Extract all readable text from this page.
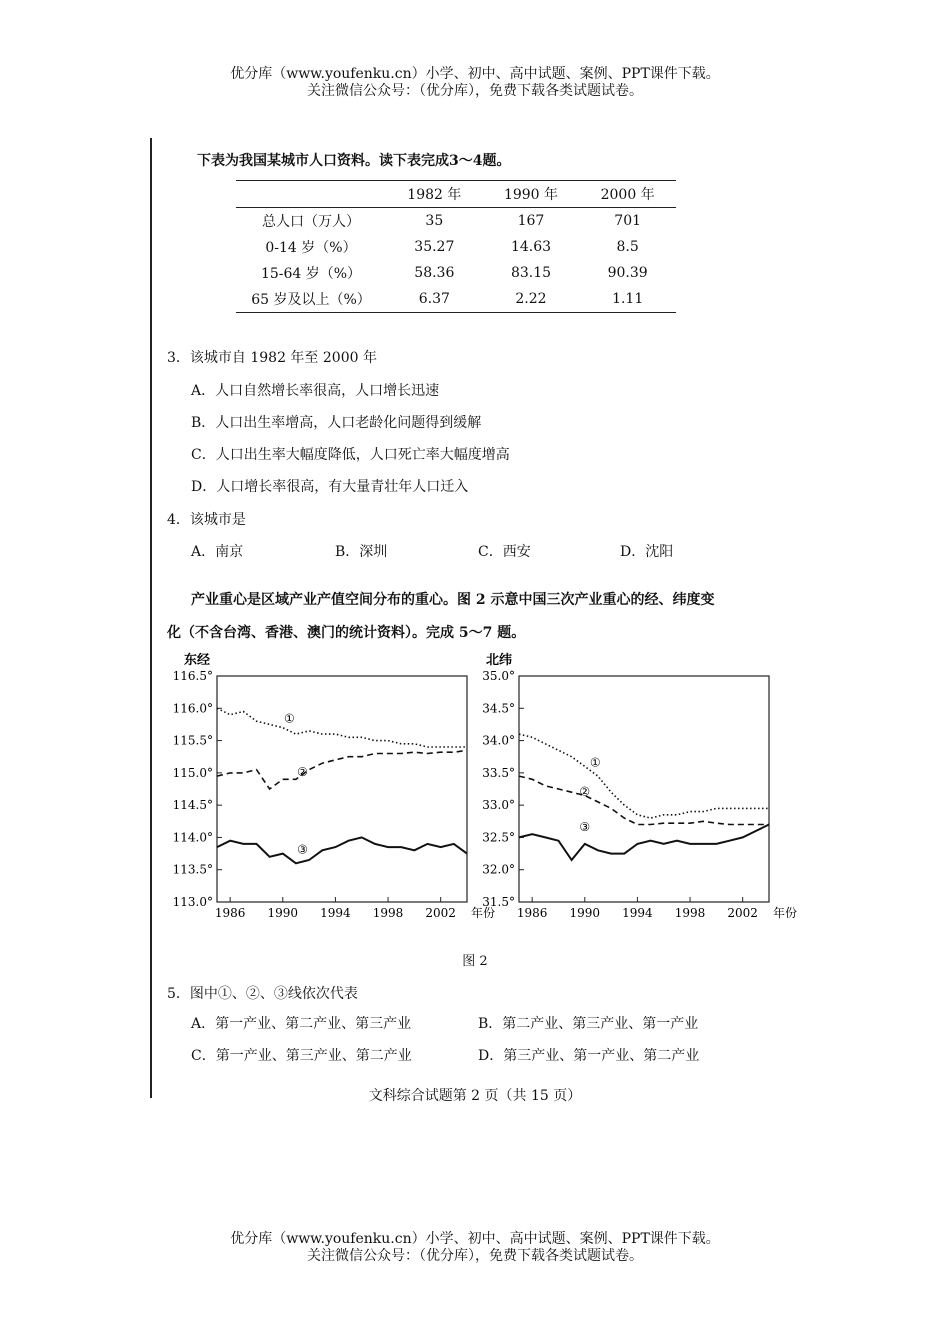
优分库（www.youfenku.cn）小学、初中、高中试题、案例、PPT课件下载。
关注微信公众号：（优分库），免费下载各类试题试卷。
下表为我国某城市人口资料。读下表完成3～4题。
	1982 年	1990 年	2000 年
总人口（万人）	35	167	701
0-14 岁（%）	35.27	14.63	8.5
15-64 岁（%）	58.36	83.15	90.39
65 岁及以上（%）	6.37	2.22	1.11
3．该城市自 1982 年至 2000 年
A．人口自然增长率很高，人口增长迅速
B．人口出生率增高，人口老龄化问题得到缓解
C．人口出生率大幅度降低，人口死亡率大幅度增高
D．人口增长率很高，有大量青壮年人口迁入
4．该城市是
A．南京	B．深圳	C．西安	D．沈阳
产业重心是区域产业产值空间分布的重心。图 2 示意中国三次产业重心的经、纬度变
化（不含台湾、香港、澳门的统计资料）。完成 5～7 题。
东经
116.5°
116.0°
115.5°
115.0°
114.5°
114.0°
113.5°
113.0°
1986 1990 1994 1998 2002 年份
①
②
③
北纬
35.0°
34.5°
34.0°
33.5°
33.0°
32.5°
32.0°
31.5°
1986 1990 1994 1998 2002 年份
①
②
③
图 2
5．图中①、②、③线依次代表
A．第一产业、第二产业、第三产业	B．第二产业、第三产业、第一产业
C．第一产业、第三产业、第二产业	D．第三产业、第一产业、第二产业
文科综合试题第 2 页（共 15 页）
优分库（www.youfenku.cn）小学、初中、高中试题、案例、PPT课件下载。
关注微信公众号：（优分库），免费下载各类试题试卷。
